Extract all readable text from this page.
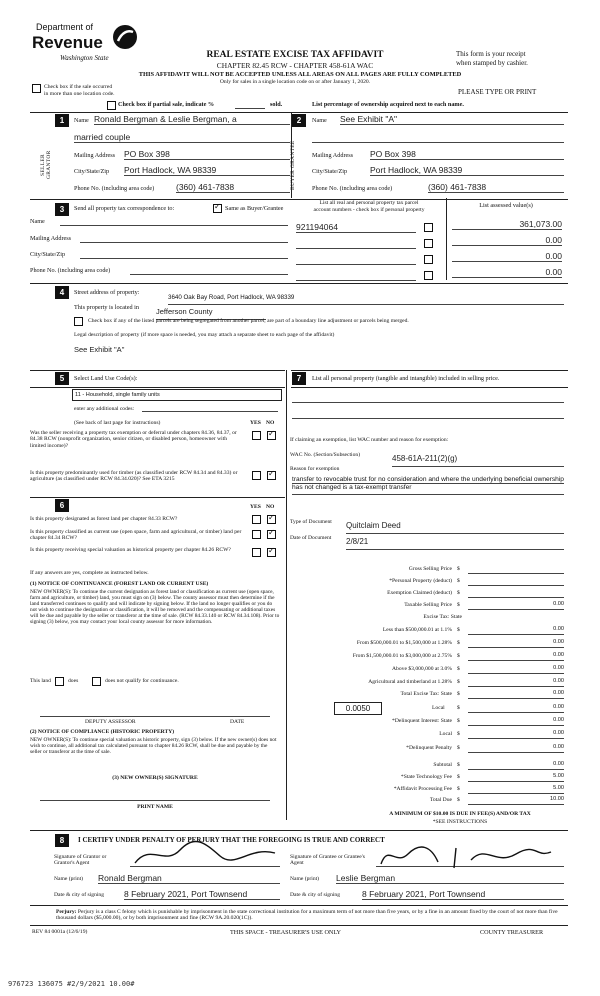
Department of
Revenue
Washington State	REAL ESTATE EXCISE TAX AFFIDAVIT
CHAPTER 82.45 RCW - CHAPTER 458-61A WAC
This form is your receipt
when stamped by cashier.
THIS AFFIDAVIT WILL NOT BE ACCEPTED UNLESS ALL AREAS ON ALL PAGES ARE FULLY COMPLETED
Only for sales in a single location code on or after January 1, 2020.
Check box if the sale occurred
in more than one location code.	PLEASE TYPE OR PRINT
Check box if partial sale, indicate %	sold.	List percentage of ownership acquired next to each name.
1
SELLER GRANTOR
Name Ronald Bergman & Leslie Bergman, a
married couple
Mailing Address PO Box 398
City/State/Zip Port Hadlock, WA 98339
Phone No. (including area code)	(360) 461-7838
2
BUYER GRANTEE
Name See Exhibit "A"
Mailing Address PO Box 398
City/State/Zip	Port Hadlock, WA 98339
Phone No. (including area code)	(360) 461-7838
3	Send all property tax correspondence to:
✓	Same as Buyer/Grantee
List all real and personal property tax parcel
account numbers - check box if personal property
List assessed value(s)
Name
Mailing Address
City/State/Zip
Phone No. (including area code)
921194064	361,073.00
0.00
0.00
0.00
4	Street address of property:
3640 Oak Bay Road, Port Hadlock, WA 98339
This property is located in Jefferson County
Check box if any of the listed parcels are being segregated from another parcel, are part of a boundary line adjustment or parcels being merged.
Legal description of property (if more space is needed, you may attach a separate sheet to each page of the affidavit)
See Exhibit "A"
5	Select Land Use Code(s):
11 - Household, single family units
enter any additional codes:
(See back of last page for instructions)	YES NO
Was the seller receiving a property tax exemption or deferral under chapters 84.36, 84.37, or 84.38 RCW (nonprofit organization, senior citizen, or disabled person, homeowner with limited income)?
✓
Is this property predominantly used for timber (as classified under RCW 84.34 and 84.33) or agriculture (as classified under RCW 84.34.020)? See ETA 3215
✓
6	YES NO
Is this property designated as forest land per chapter 84.33 RCW?
✓
Is this property classified as current use (open space, farm and agricultural, or timber) land per chapter 84.34 RCW?
✓
Is this property receiving special valuation as historical property per chapter 84.26 RCW?
✓
If any answers are yes, complete as instructed below.
(1) NOTICE OF CONTINUANCE (FOREST LAND OR CURRENT USE)
NEW OWNER(S): To continue the current designation as forest land or classification as current use (open space, farm and agriculture, or timber) land, you must sign on (3) below. The county assessor must then determine if the land transferred continues to qualify and will indicate by signing below. If the land no longer qualifies or you do not wish to continue the designation or classification, it will be removed and the compensating or additional taxes will be due and payable by the seller or transferor at the time of sale. (RCW 84.33.140 or RCW 84.34.108). Prior to signing (3) below, you may contact your local county assessor for more information.
This land	does	does not qualify for continuance.
DEPUTY ASSESSOR	DATE
(2) NOTICE OF COMPLIANCE (HISTORIC PROPERTY)
NEW OWNER(S): To continue special valuation as historic property, sign (3) below. If the new owner(s) does not wish to continue, all additional tax calculated pursuant to chapter 84.26 RCW, shall be due and payable by the seller or transferor at the time of sale.
(3) NEW OWNER(S) SIGNATURE
PRINT NAME
7	List all personal property (tangible and intangible) included in selling price.
If claiming an exemption, list WAC number and reason for exemption:
WAC No. (Section/Subsection)	458-61A-211(2)(g)
Reason for exemption
transfer to revocable trust for no consideration and where the underlying beneficial ownership has not changed is a tax-exempt transfer
Type of Document Quitclaim Deed
Date of Document 2/8/21
Gross Selling Price $
*Personal Property (deduct) $
Exemption Claimed (deduct) $
Taxable Selling Price $	0.00
Excise Tax: State
Less than $500,000.01 at 1.1% $	0.00
From $500,000.01 to $1,500,000 at 1.28% $	0.00
From $1,500,000.01 to $3,000,000 at 2.75% $	0.00
Above $3,000,000 at 3.0% $	0.00
Agricultural and timberland at 1.28% $	0.00
Total Excise Tax: State $	0.00
*Delinquent Interest: State $	0.00
Local $	0.00
*Delinquent Penalty $	0.00
Subtotal $	0.00
*State Technology Fee $	5.00
*Affidavit Processing Fee $	5.00
Total Due $	10.00
0.0050	Local $	0.00
A MINIMUM OF $10.00 IS DUE IN FEE(S) AND/OR TAX
*SEE INSTRUCTIONS
8	I CERTIFY UNDER PENALTY OF PERJURY THAT THE FOREGOING IS TRUE AND CORRECT
Signature of Grantor or Grantor's Agent
Name (print) Ronald Bergman
Date & city of signing 8 February 2021, Port Townsend
Signature of Grantee or Grantee's Agent
Name (print) Leslie Bergman
Date & city of signing	8 February 2021, Port Townsend
Perjury: Perjury is a class C felony which is punishable by imprisonment in the state correctional institution for a maximum term of not more than five years, or by a fine in an amount fixed by the court of not more than five thousand dollars ($5,000.00), or by both imprisonment and fine (RCW 9A.20.020(1C)).
REV 84 0001a (12/6/19)	THIS SPACE - TREASURER'S USE ONLY	COUNTY TREASURER
976723 136075 #2/9/2021 10.00#
